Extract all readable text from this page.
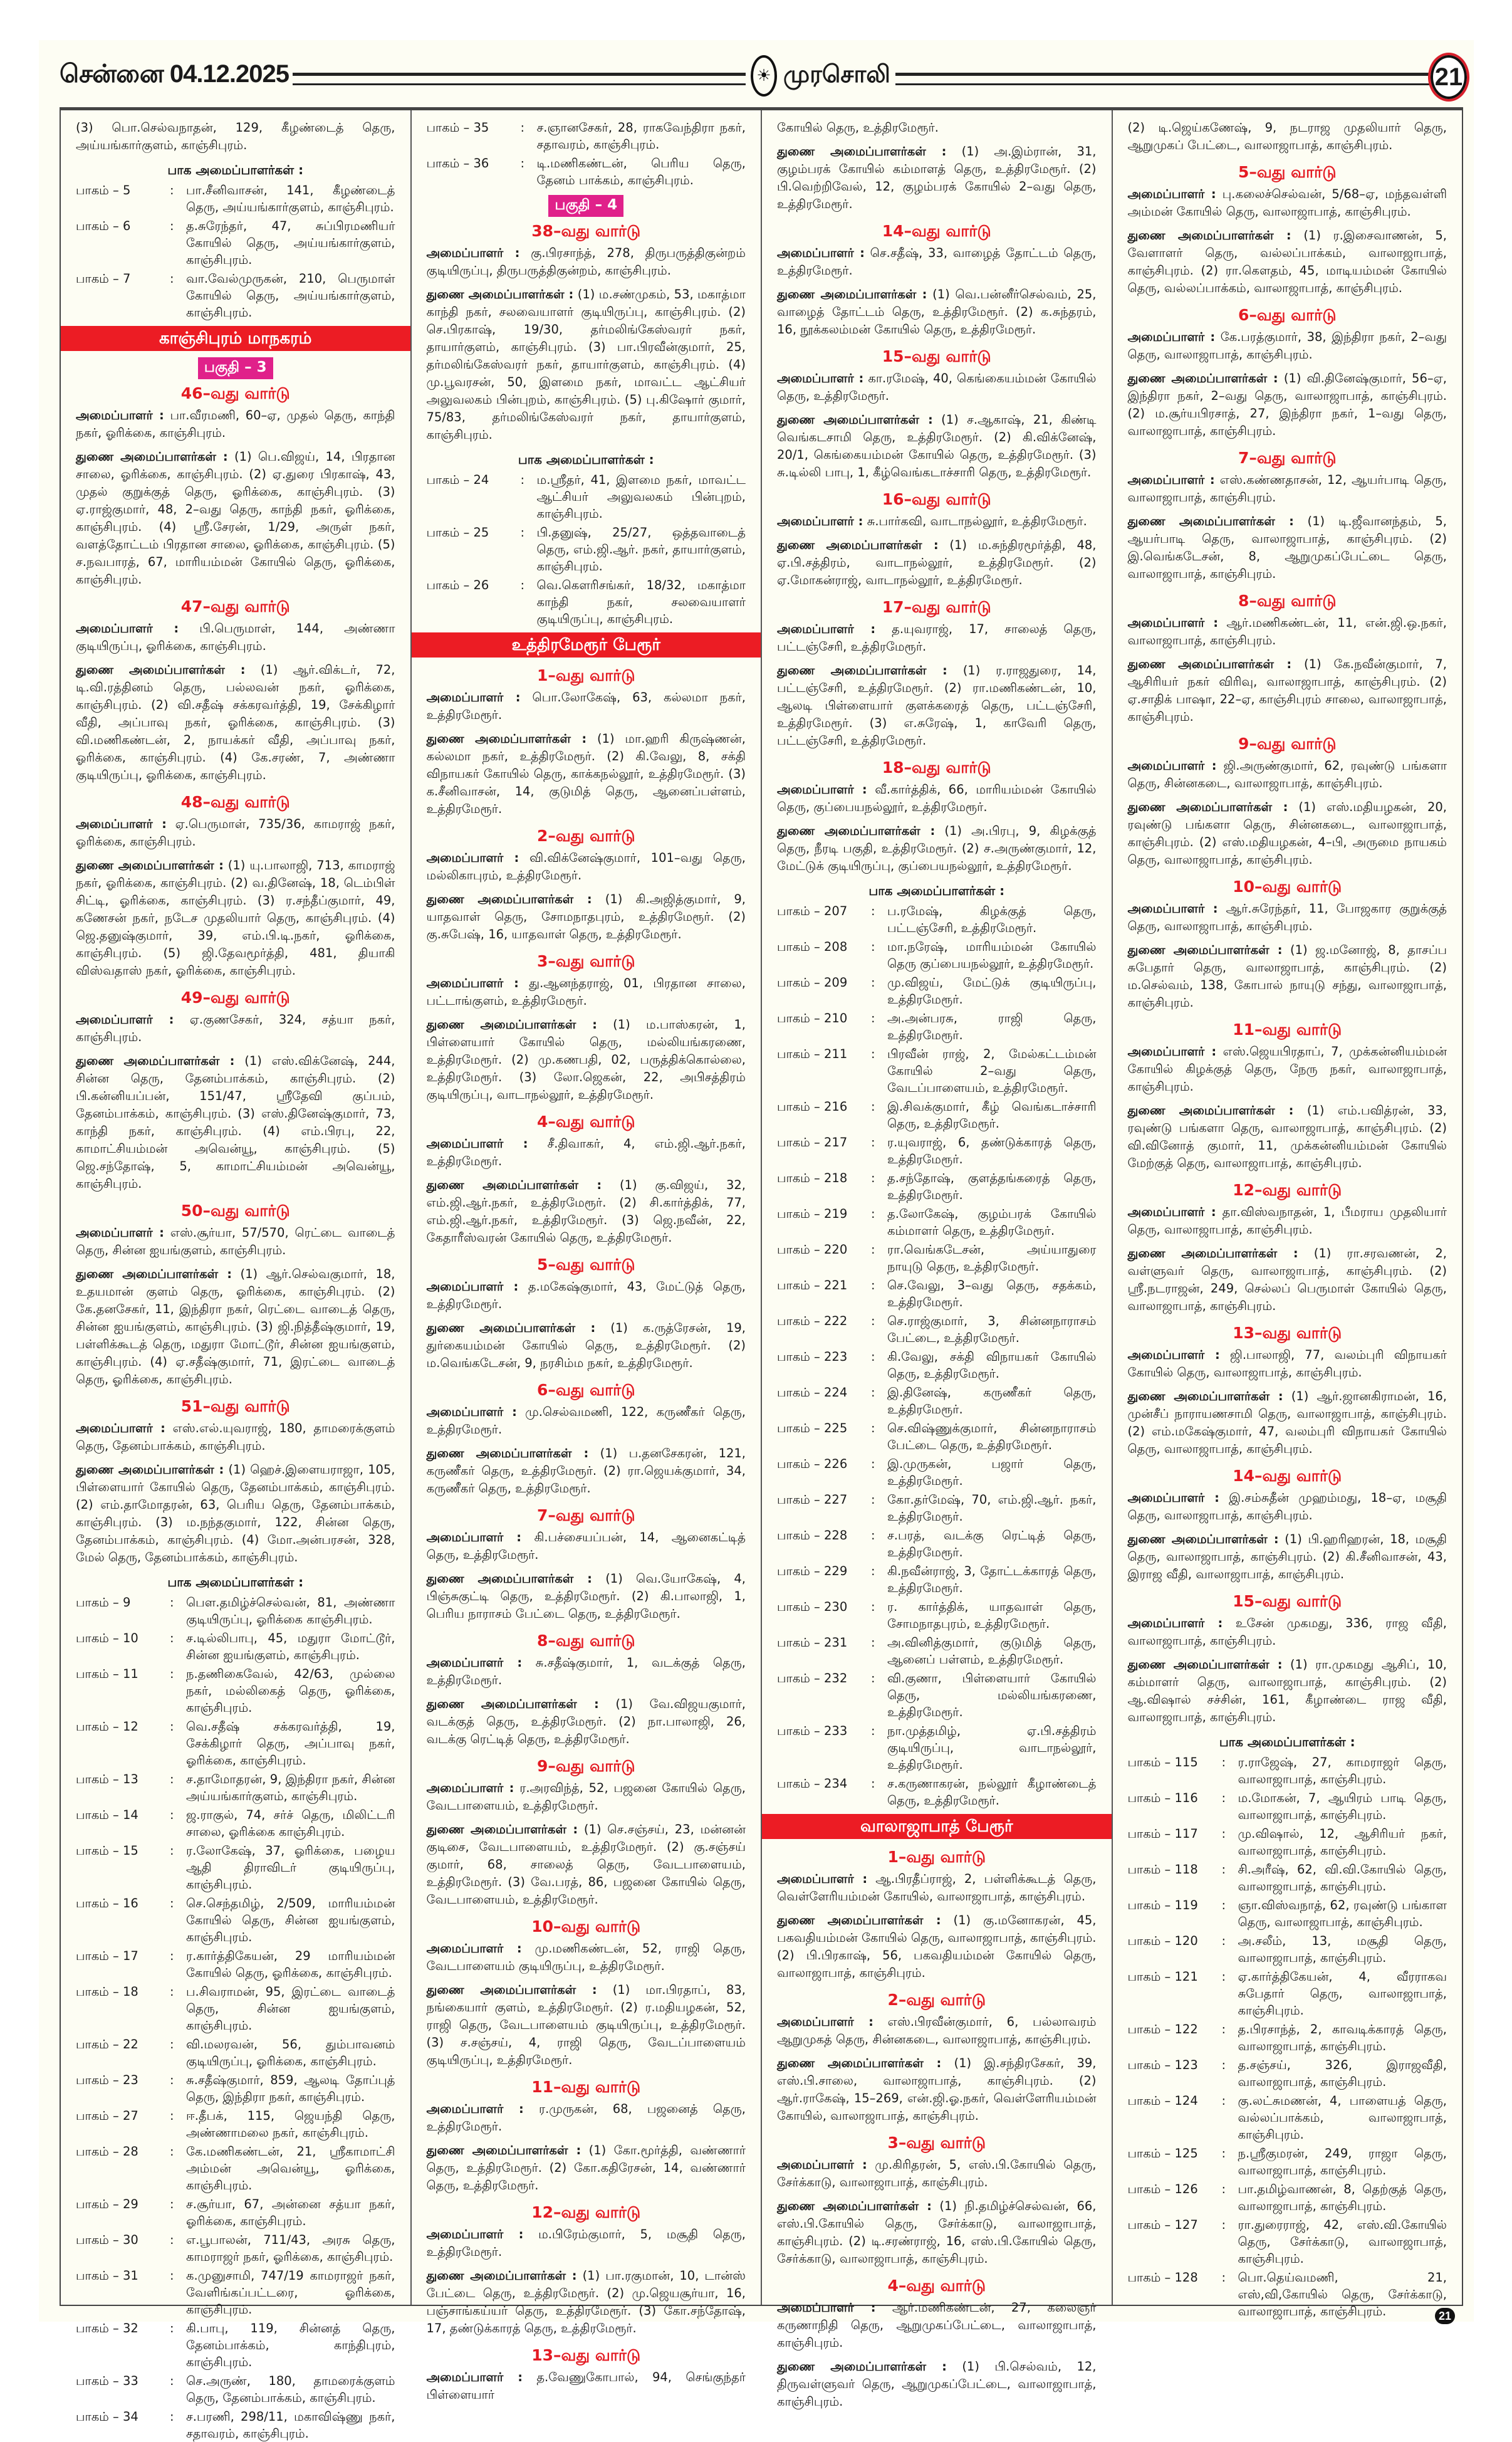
சென்னை 04.12.2025	☀ முரசொலி	21
(3) பொ.செல்வநாதன், 129, கீழண்டைத் தெரு, அய்யங்கார்குளம், காஞ்சிபுரம்.
பாக அமைப்பாளர்கள் :
பாகம் – 5	: பா.சீனிவாசன், 141, கீழண்டைத் தெரு, அய்யங்கார்குளம், காஞ்சிபுரம்.
பாகம் – 6	: த.சுரேந்தர், 47, சுப்பிரமணியர் கோயில் தெரு, அய்யங்கார்குளம், காஞ்சிபுரம்.
பாகம் – 7	: வா.வேல்முருகன், 210, பெருமாள் கோயில் தெரு, அய்யங்கார்குளம், காஞ்சிபுரம்.
காஞ்சிபுரம் மாநகரம்
பகுதி – 3
46–வது வார்டு
அமைப்பாளர் : பா.வீரமணி, 60–ஏ, முதல் தெரு, காந்தி நகர், ஓரிக்கை, காஞ்சிபுரம்.
துணை அமைப்பாளர்கள் : (1) பெ.விஜய், 14, பிரதான சாலை, ஓரிக்கை, காஞ்சிபுரம். (2) ஏ.துரை பிரகாஷ், 43, முதல் குறுக்குத் தெரு, ஓரிக்கை, காஞ்சிபுரம். (3) ஏ.ராஜ்குமார், 48, 2–வது தெரு, காந்தி நகர், ஓரிக்கை, காஞ்சிபுரம். (4) ஸ்ரீ.சேரன், 1/29, அருள் நகர், வளத்தோட்டம் பிரதான சாலை, ஓரிக்கை, காஞ்சிபுரம். (5) ச.நவபாரத், 67, மாரியம்மன் கோயில் தெரு, ஓரிக்கை, காஞ்சிபுரம்.
47–வது வார்டு
அமைப்பாளர் : பி.பெருமாள், 144, அண்ணா குடியிருப்பு, ஓரிக்கை, காஞ்சிபுரம்.
துணை அமைப்பாளர்கள் : (1) ஆர்.விக்டர், 72, டி.வி.ரத்தினம் தெரு, பல்லவன் நகர், ஓரிக்கை, காஞ்சிபுரம். (2) வி.சதீஷ் சக்கரவர்த்தி, 19, சேக்கிழார் வீதி, அப்பாவு நகர், ஓரிக்கை, காஞ்சிபுரம். (3) வி.மணிகண்டன், 2, நாயக்கர் வீதி, அப்பாவு நகர், ஓரிக்கை, காஞ்சிபுரம். (4) கே.சரண், 7, அண்ணா குடியிருப்பு, ஓரிக்கை, காஞ்சிபுரம்.
48–வது வார்டு
அமைப்பாளர் : ஏ.பெருமாள், 735/36, காமராஜ் நகர், ஓரிக்கை, காஞ்சிபுரம்.
துணை அமைப்பாளர்கள் : (1) யு.பாலாஜி, 713, காமராஜ் நகர், ஓரிக்கை, காஞ்சிபுரம். (2) வ.தினேஷ், 18, டெம்பிள் சிட்டி, ஓரிக்கை, காஞ்சிபுரம். (3) ர.சந்தீப்குமார், 49, கணேசன் நகர், நடேச முதலியார் தெரு, காஞ்சிபுரம். (4) ஜெ.தனுஷ்குமார், 39, எம்.பி.டி.நகர், ஓரிக்கை, காஞ்சிபுரம். (5) ஜி.தேவமூர்த்தி, 481, தியாகி விஸ்வதாஸ் நகர், ஓரிக்கை, காஞ்சிபுரம்.
49–வது வார்டு
அமைப்பாளர் : ஏ.குணசேகர், 324, சத்யா நகர், காஞ்சிபுரம்.
துணை அமைப்பாளர்கள் : (1) எஸ்.விக்னேஷ், 244, சின்ன தெரு, தேனம்பாக்கம், காஞ்சிபுரம். (2) பி.கன்னியப்பன், 151/47, ஸ்ரீதேவி குப்பம், தேனம்பாக்கம், காஞ்சிபுரம். (3) எஸ்.தினேஷ்குமார், 73, காந்தி நகர், காஞ்சிபுரம். (4) எம்.பிரபு, 22, காமாட்சியம்மன் அவென்யூ, காஞ்சிபுரம். (5) ஜெ.சந்தோஷ், 5, காமாட்சியம்மன் அவென்யூ, காஞ்சிபுரம்.
50–வது வார்டு
அமைப்பாளர் : எஸ்.சூர்யா, 57/570, ரெட்டை வாடைத் தெரு, சின்ன ஐயங்குளம், காஞ்சிபுரம்.
துணை அமைப்பாளர்கள் : (1) ஆர்.செல்வகுமார், 18, உதயமான் குளம் தெரு, ஓரிக்கை, காஞ்சிபுரம். (2) கே.தனசேகர், 11, இந்திரா நகர், ரெட்டை வாடைத் தெரு, சின்ன ஐயங்குளம், காஞ்சிபுரம். (3) ஜி.நித்தீஷ்குமார், 19, பள்ளிக்கூடத் தெரு, மதுரா மோட்டூர், சின்ன ஐயங்குளம், காஞ்சிபுரம். (4) ஏ.சதீஷ்குமார், 71, இரட்டை வாடைத் தெரு, ஓரிக்கை, காஞ்சிபுரம்.
51–வது வார்டு
அமைப்பாளர் : எஸ்.எல்.யுவராஜ், 180, தாமரைக்குளம் தெரு, தேனம்பாக்கம், காஞ்சிபுரம்.
துணை அமைப்பாளர்கள் : (1) ஹெச்.இளையராஜா, 105, பிள்ளையார் கோயில் தெரு, தேனம்பாக்கம், காஞ்சிபுரம். (2) எம்.தாமோதரன், 63, பெரிய தெரு, தேனம்பாக்கம், காஞ்சிபுரம். (3) ம.நந்தகுமார், 122, சின்ன தெரு, தேனம்பாக்கம், காஞ்சிபுரம். (4) மோ.அன்பரசன், 328, மேல் தெரு, தேனம்பாக்கம், காஞ்சிபுரம்.
பாக அமைப்பாளர்கள் :
பாகம் – 9	: பெள.தமிழ்ச்செல்வன், 81, அண்ணா குடியிருப்பு, ஓரிக்கை காஞ்சிபுரம்.
பாகம் – 10	: ச.டில்லிபாபு, 45, மதுரா மோட்டூர், சின்ன ஐயங்குளம், காஞ்சிபுரம்.
பாகம் – 11	: ந.தணிகைவேல், 42/63, முல்லை நகர், மல்லிகைத் தெரு, ஓரிக்கை, காஞ்சிபுரம்.
பாகம் – 12	: வெ.சதீஷ் சக்கரவர்த்தி, 19, சேக்கிழார் தெரு, அப்பாவு நகர், ஓரிக்கை, காஞ்சிபுரம்.
பாகம் – 13	: ச.தாமோதரன், 9, இந்திரா நகர், சின்ன அய்யங்கார்குளம், காஞ்சிபுரம்.
பாகம் – 14	: ஜ.ராகுல், 74, சர்ச் தெரு, மிலிட்டரி சாலை, ஓரிக்கை காஞ்சிபுரம்.
பாகம் – 15	: ர.லோகேஷ், 37, ஓரிக்கை, பழைய ஆதி திராவிடர் குடியிருப்பு, காஞ்சிபுரம்.
பாகம் – 16	: செ.செந்தமிழ், 2/509, மாரியம்மன் கோயில் தெரு, சின்ன ஐயங்குளம், காஞ்சிபுரம்.
பாகம் – 17	: ர.கார்த்திகேயன், 29 மாரியம்மன் கோயில் தெரு, ஓரிக்கை, காஞ்சிபுரம்.
பாகம் – 18	: ப.சிவராமன், 95, இரட்டை வாடைத் தெரு, சின்ன ஐயங்குளம், காஞ்சிபுரம்.
பாகம் – 22	: வி.மலரவன், 56, தும்பாவனம் குடியிருப்பு, ஓரிக்கை, காஞ்சிபுரம்.
பாகம் – 23	: சு.சதீஷ்குமார், 859, ஆலடி தோப்புத் தெரு, இந்திரா நகர், காஞ்சிபுரம்.
பாகம் – 27	: ஈ.தீபக், 115, ஜெயந்தி தெரு, அண்ணாமலை நகர், காஞ்சிபுரம்.
பாகம் – 28	: கே.மணிகண்டன், 21, ஸ்ரீகாமாட்சி அம்மன் அவென்யூ, ஓரிக்கை, காஞ்சிபுரம்.
பாகம் – 29	: ச.சூர்யா, 67, அன்னை சத்யா நகர், ஓரிக்கை, காஞ்சிபுரம்.
பாகம் – 30	: எ.பூபாலன், 711/43, அரசு தெரு, காமராஜர் நகர், ஓரிக்கை, காஞ்சிபுரம்.
பாகம் – 31	: க.முனுசாமி, 747/19 காமராஜர் நகர், வேளிங்கப்பட்டரை, ஓரிக்கை, காஞ்சிபுரம்.
பாகம் – 32	: கி.பாபு, 119, சின்னத் தெரு, தேனம்பாக்கம், காந்திபுரம், காஞ்சிபுரம்.
பாகம் – 33	: செ.அருண், 180, தாமரைக்குளம் தெரு, தேனம்பாக்கம், காஞ்சிபுரம்.
பாகம் – 34	: ச.பரணி, 298/11, மகாவிஷ்ணு நகர், சதாவரம், காஞ்சிபுரம்.
பாகம் – 35	: ச.ஞானசேகர், 28, ராகவேந்திரா நகர், சதாவரம், காஞ்சிபுரம்.
பாகம் – 36	: டி.மணிகண்டன், பெரிய தெரு, தேனம் பாக்கம், காஞ்சிபுரம்.
பகுதி – 4
38–வது வார்டு
அமைப்பாளர் : கு.பிரசாந்த், 278, திருபருத்திகுன்றம் குடியிருப்பு, திருபருத்திகுன்றம், காஞ்சிபுரம்.
துணை அமைப்பாளர்கள் : (1) ம.சண்முகம், 53, மகாத்மா காந்தி நகர், சலவையாளர் குடியிருப்பு, காஞ்சிபுரம். (2) செ.பிரகாஷ், 19/30, தர்மலிங்கேஸ்வரர் நகர், தாயார்குளம், காஞ்சிபுரம். (3) பா.பிரவீன்குமார், 25, தர்மலிங்கேஸ்வரர் நகர், தாயார்குளம், காஞ்சிபுரம். (4) மு.பூவரசன், 50, இளமை நகர், மாவட்ட ஆட்சியர் அலுவலகம் பின்புறம், காஞ்சிபுரம். (5) பு.கிஷோர் குமார், 75/83, தர்மலிங்கேஸ்வரர் நகர், தாயார்குளம், காஞ்சிபுரம்.
பாக அமைப்பாளர்கள் :
பாகம் – 24	: ம.ஸ்ரீதர், 41, இளமை நகர், மாவட்ட ஆட்சியர் அலுவலகம் பின்புறம், காஞ்சிபுரம்.
பாகம் – 25	: பி.தனுஷ், 25/27, ஒத்தவாடைத் தெரு, எம்.ஜி.ஆர். நகர், தாயார்குளம், காஞ்சிபுரம்.
பாகம் – 26	: வெ.கௌரிசங்கர், 18/32, மகாத்மா காந்தி நகர், சலவையாளர் குடியிருப்பு, காஞ்சிபுரம்.
உத்திரமேரூர் பேரூர்
1–வது வார்டு
அமைப்பாளர் : பொ.லோகேஷ், 63, கல்லமா நகர், உத்திரமேரூர்.
துணை அமைப்பாளர்கள் : (1) மா.ஹரி கிருஷ்ணன், கல்லமா நகர், உத்திரமேரூர். (2) கி.வேலு, 8, சக்தி விநாயகர் கோயில் தெரு, காக்கநல்லூர், உத்திரமேரூர். (3) க.சீனிவாசன், 14, குடுமித் தெரு, ஆனைப்பள்ளம், உத்திரமேரூர்.
2–வது வார்டு
அமைப்பாளர் : வி.விக்னேஷ்குமார், 101–வது தெரு, மல்லிகாபுரம், உத்திரமேரூர்.
துணை அமைப்பாளர்கள் : (1) கி.அஜித்குமார், 9, யாதவாள் தெரு, சோமநாதபுரம், உத்திரமேரூர். (2) கு.சுபேஷ், 16, யாதவாள் தெரு, உத்திரமேரூர்.
3–வது வார்டு
அமைப்பாளர் : து.ஆனந்தராஜ், 01, பிரதான சாலை, பட்டாங்குளம், உத்திரமேரூர்.
துணை அமைப்பாளர்கள் : (1) ம.பாஸ்கரன், 1, பிள்ளையார் கோயில் தெரு, மல்லியங்கரணை, உத்திரமேரூர். (2) மு.கணபதி, 02, பருத்திக்கொல்லை, உத்திரமேரூர். (3) லோ.ஜெகன், 22, அபிசத்திரம் குடியிருப்பு, வாடாநல்லூர், உத்திரமேரூர்.
4–வது வார்டு
அமைப்பாளர் : சீ.திவாகர், 4, எம்.ஜி.ஆர்.நகர், உத்திரமேரூர்.
துணை அமைப்பாளர்கள் : (1) கு.விஜய், 32, எம்.ஜி.ஆர்.நகர், உத்திரமேரூர். (2) சி.கார்த்திக், 77, எம்.ஜி.ஆர்.நகர், உத்திரமேரூர். (3) ஜெ.நவீன், 22, கேதாரீஸ்வரன் கோயில் தெரு, உத்திரமேரூர்.
5–வது வார்டு
அமைப்பாளர் : த.மகேஷ்குமார், 43, மேட்டுத் தெரு, உத்திரமேரூர்.
துணை அமைப்பாளர்கள் : (1) க.ருத்ரேசன், 19, துர்கையம்மன் கோயில் தெரு, உத்திரமேரூர். (2) ம.வெங்கடேசன், 9, நரசிம்ம நகர், உத்திரமேரூர்.
6–வது வார்டு
அமைப்பாளர் : மு.செல்வமணி, 122, கருணீகர் தெரு, உத்திரமேரூர்.
துணை அமைப்பாளர்கள் : (1) ப.தனசேகரன், 121, கருணீகர் தெரு, உத்திரமேரூர். (2) ரா.ஜெயக்குமார், 34, கருணீகர் தெரு, உத்திரமேரூர்.
7–வது வார்டு
அமைப்பாளர் : கி.பச்சையப்பன், 14, ஆனைகட்டித் தெரு, உத்திரமேரூர்.
துணை அமைப்பாளர்கள் : (1) வெ.யோகேஷ், 4, பிஞ்சுகுட்டி தெரு, உத்திரமேரூர். (2) கி.பாலாஜி, 1, பெரிய நாராசம் பேட்டை தெரு, உத்திரமேரூர்.
8–வது வார்டு
அமைப்பாளர் : சு.சதீஷ்குமார், 1, வடக்குத் தெரு, உத்திரமேரூர்.
துணை அமைப்பாளர்கள் : (1) வே.விஜயகுமார், வடக்குத் தெரு, உத்திரமேரூர். (2) நா.பாலாஜி, 26, வடக்கு ரெட்டித் தெரு, உத்திரமேரூர்.
9–வது வார்டு
அமைப்பாளர் : ர.அரவிந்த், 52, பஜனை கோயில் தெரு, வேடபாளையம், உத்திரமேரூர்.
துணை அமைப்பாளர்கள் : (1) செ.சஞ்சய், 23, மன்னன் குடிசை, வேடபாளையம், உத்திரமேரூர். (2) கு.சஞ்சய் குமார், 68, சாலைத் தெரு, வேடபாளையம், உத்திரமேரூர். (3) வே.பரத், 86, பஜனை கோயில் தெரு, வேடபாளையம், உத்திரமேரூர்.
10–வது வார்டு
அமைப்பாளர் : மு.மணிகண்டன், 52, ராஜி தெரு, வேடபாளையம் குடியிருப்பு, உத்திரமேரூர்.
துணை அமைப்பாளர்கள் : (1) மா.பிரதாப், 83, நங்கையார் குளம், உத்திரமேரூர். (2) ர.மதியழகன், 52, ராஜி தெரு, வேடபாளையம் குடியிருப்பு, உத்திரமேரூர். (3) ச.சஞ்சய், 4, ராஜி தெரு, வேடப்பாளையம் குடியிருப்பு, உத்திரமேரூர்.
11–வது வார்டு
அமைப்பாளர் : ர.முருகன், 68, பஜனைத் தெரு, உத்திரமேரூர்.
துணை அமைப்பாளர்கள் : (1) கோ.மூர்த்தி, வண்ணார் தெரு, உத்திரமேரூர். (2) கோ.கதிரேசன், 14, வண்ணார் தெரு, உத்திரமேரூர்.
12–வது வார்டு
அமைப்பாளர் : ம.பிரேம்குமார், 5, மசூதி தெரு, உத்திரமேரூர்.
துணை அமைப்பாளர்கள் : (1) பா.ரகுமான், 10, டான்ஸ் பேட்டை தெரு, உத்திரமேரூர். (2) மு.ஜெயசூர்யா, 16, பஞ்சாங்கய்யர் தெரு, உத்திரமேரூர். (3) கோ.சந்தோஷ், 17, தண்டுக்காரத் தெரு, உத்திரமேரூர்.
13–வது வார்டு
அமைப்பாளர் : த.வேணுகோபால், 94, செங்குந்தர் பிள்ளையார்
கோயில் தெரு, உத்திரமேரூர்.
துணை அமைப்பாளர்கள் : (1) அ.இம்ரான், 31, குழம்பரக் கோயில் கம்மாளத் தெரு, உத்திரமேரூர். (2) பி.வெற்றிவேல், 12, குழம்பரக் கோயில் 2–வது தெரு, உத்திரமேரூர்.
14–வது வார்டு
அமைப்பாளர் : செ.சதீஷ், 33, வாழைத் தோட்டம் தெரு, உத்திரமேரூர்.
துணை அமைப்பாளர்கள் : (1) வெ.பன்னீர்செல்வம், 25, வாழைத் தோட்டம் தெரு, உத்திரமேரூர். (2) க.சுந்தரம், 16, நூக்கலம்மன் கோயில் தெரு, உத்திரமேரூர்.
15–வது வார்டு
அமைப்பாளர் : கா.ரமேஷ், 40, கெங்கையம்மன் கோயில் தெரு, உத்திரமேரூர்.
துணை அமைப்பாளர்கள் : (1) ச.ஆகாஷ், 21, கிண்டி வெங்கடசாமி தெரு, உத்திரமேரூர். (2) கி.விக்னேஷ், 20/1, கெங்கையம்மன் கோயில் தெரு, உத்திரமேரூர். (3) சு.டில்லி பாபு, 1, கீழ்வெங்கடாச்சாரி தெரு, உத்திரமேரூர்.
16–வது வார்டு
அமைப்பாளர் : சு.பார்கவி, வாடாநல்லூர், உத்திரமேரூர்.
துணை அமைப்பாளர்கள் : (1) ம.சுந்திரமூர்த்தி, 48, ஏ.பி.சத்திரம், வாடாநல்லூர், உத்திரமேரூர். (2) ஏ.மோகன்ராஜ், வாடாநல்லூர், உத்திரமேரூர்.
17–வது வார்டு
அமைப்பாளர் : த.யுவராஜ், 17, சாலைத் தெரு, பட்டஞ்சேரி, உத்திரமேரூர்.
துணை அமைப்பாளர்கள் : (1) ர.ராஜதுரை, 14, பட்டஞ்சேரி, உத்திரமேரூர். (2) ரா.மணிகண்டன், 10, ஆலடி பிள்ளையார் குளக்கரைத் தெரு, பட்டஞ்சேரி, உத்திரமேரூர். (3) எ.சுரேஷ், 1, காவேரி தெரு, பட்டஞ்சேரி, உத்திரமேரூர்.
18–வது வார்டு
அமைப்பாளர் : வீ.கார்த்திக், 66, மாரியம்மன் கோயில் தெரு, குப்பையநல்லூர், உத்திரமேரூர்.
துணை அமைப்பாளர்கள் : (1) அ.பிரபு, 9, கிழக்குத் தெரு, நீரடி பகுதி, உத்திரமேரூர். (2) ச.அருண்குமார், 12, மேட்டுக் குடியிருப்பு, குப்பையநல்லூர், உத்திரமேரூர்.
பாக அமைப்பாளர்கள் :
பாகம் – 207	: ப.ரமேஷ், கிழக்குத் தெரு, பட்டஞ்சேரி, உத்திரமேரூர்.
பாகம் – 208	: மா.நரேஷ், மாரியம்மன் கோயில் தெரு குப்பையநல்லூர், உத்திரமேரூர்.
பாகம் – 209	: மு.விஜய், மேட்டுக் குடியிருப்பு, உத்திரமேரூர்.
பாகம் – 210	: அ.அன்பரசு, ராஜி தெரு, உத்திரமேரூர்.
பாகம் – 211	: பிரவீன் ராஜ், 2, மேல்கட்டம்மன் கோயில் 2–வது தெரு, வேடப்பாளையம், உத்திரமேரூர்.
பாகம் – 216	: இ.சிவக்குமார், கீழ் வெங்கடாச்சாரி தெரு, உத்திரமேரூர்.
பாகம் – 217	: ர.யுவராஜ், 6, தண்டுக்காரத் தெரு, உத்திரமேரூர்.
பாகம் – 218	: த.சந்தோஷ், குளத்தங்கரைத் தெரு, உத்திரமேரூர்.
பாகம் – 219	: த.லோகேஷ், குழம்பரக் கோயில் கம்மாளர் தெரு, உத்திரமேரூர்.
பாகம் – 220	: ரா.வெங்கடேசன், அய்யாதுரை நாயுடு தெரு, உத்திரமேரூர்.
பாகம் – 221	: செ.வேலு, 3–வது தெரு, சதக்கம், உத்திரமேரூர்.
பாகம் – 222	: செ.ராஜ்குமார், 3, சின்னநாராசம் பேட்டை, உத்திரமேரூர்.
பாகம் – 223	: கி.வேலு, சக்தி விநாயகர் கோயில் தெரு, உத்திரமேரூர்.
பாகம் – 224	: இ.தினேஷ், கருணீகர் தெரு, உத்திரமேரூர்.
பாகம் – 225	: செ.விஷ்ணுக்குமார், சின்னநாராசம் பேட்டை தெரு, உத்திரமேரூர்.
பாகம் – 226	: இ.முருகன், பஜார் தெரு, உத்திரமேரூர்.
பாகம் – 227	: கோ.தர்மேஷ், 70, எம்.ஜி.ஆர். நகர், உத்திரமேரூர்.
பாகம் – 228	: ச.பரத், வடக்கு ரெட்டித் தெரு, உத்திரமேரூர்.
பாகம் – 229	: கி.நவீன்ராஜ், 3, தோட்டக்காரத் தெரு, உத்திரமேரூர்.
பாகம் – 230	: ர. கார்த்திக், யாதவாள் தெரு, சோமநாதபுரம், உத்திரமேரூர்.
பாகம் – 231	: அ.வினித்குமார், குடுமித் தெரு, ஆனைப் பள்ளம், உத்திரமேரூர்.
பாகம் – 232	: வி.குணா, பிள்ளையார் கோயில் தெரு, மல்லியங்கரணை, உத்திரமேரூர்.
பாகம் – 233	: நா.முத்தமிழ், ஏ.பி.சத்திரம் குடியிருப்பு, வாடாநல்லூர், உத்திரமேரூர்.
பாகம் – 234	: ச.கருணாகரன், நல்லூர் கீழாண்டைத் தெரு, உத்திரமேரூர்.
வாலாஜாபாத் பேரூர்
1–வது வார்டு
அமைப்பாளர் : ஆ.பிரதீப்ராஜ், 2, பள்ளிக்கூடத் தெரு, வெள்ளேரியம்மன் கோயில், வாலாஜாபாத், காஞ்சிபுரம்.
துணை அமைப்பாளர்கள் : (1) கு.மனோகரன், 45, பகவதியம்மன் கோயில் தெரு, வாலாஜாபாத், காஞ்சிபுரம். (2) பி.பிரகாஷ், 56, பகவதியம்மன் கோயில் தெரு, வாலாஜாபாத், காஞ்சிபுரம்.
2–வது வார்டு
அமைப்பாளர் : எஸ்.பிரவீன்குமார், 6, பல்லாவரம் ஆறுமுகத் தெரு, சின்னகடை, வாலாஜாபாத், காஞ்சிபுரம்.
துணை அமைப்பாளர்கள் : (1) இ.சந்திரசேகர், 39, எஸ்.பி.சாலை, வாலாஜாபாத், காஞ்சிபுரம். (2) ஆர்.ராகேஷ், 15–269, என்.ஜி.ஓ.நகர், வெள்ளேரியம்மன் கோயில், வாலாஜாபாத், காஞ்சிபுரம்.
3–வது வார்டு
அமைப்பாளர் : மு.கிரிதரன், 5, எஸ்.பி.கோயில் தெரு, சேர்க்காடு, வாலாஜாபாத், காஞ்சிபுரம்.
துணை அமைப்பாளர்கள் : (1) நி.தமிழ்ச்செல்வன், 66, எஸ்.பி.கோயில் தெரு, சேர்க்காடு, வாலாஜாபாத், காஞ்சிபுரம். (2) டி.சரண்ராஜ், 16, எஸ்.பி.கோயில் தெரு, சேர்க்காடு, வாலாஜாபாத், காஞ்சிபுரம்.
4–வது வார்டு
அமைப்பாளர் : ஆர்.மணிகண்டன், 27, கலைஞர் கருணாநிதி தெரு, ஆறுமுகப்பேட்டை, வாலாஜாபாத், காஞ்சிபுரம்.
துணை அமைப்பாளர்கள் : (1) பி.செல்வம், 12, திருவள்ளுவர் தெரு, ஆறுமுகப்பேட்டை, வாலாஜாபாத், காஞ்சிபுரம்.
(2) டி.ஜெய்கணேஷ், 9, நடராஜ முதலியார் தெரு, ஆறுமுகப் பேட்டை, வாலாஜாபாத், காஞ்சிபுரம்.
5–வது வார்டு
அமைப்பாளர் : பு.கலைச்செல்வன், 5/68–ஏ, மந்தவள்ளி அம்மன் கோயில் தெரு, வாலாஜாபாத், காஞ்சிபுரம்.
துணை அமைப்பாளர்கள் : (1) ர.இசைவாணன், 5, வேளாளர் தெரு, வல்லப்பாக்கம், வாலாஜாபாத், காஞ்சிபுரம். (2) ரா.கௌதம், 45, மாடியம்மன் கோயில் தெரு, வல்லப்பாக்கம், வாலாஜாபாத், காஞ்சிபுரம்.
6–வது வார்டு
அமைப்பாளர் : கே.பரத்குமார், 38, இந்திரா நகர், 2–வது தெரு, வாலாஜாபாத், காஞ்சிபுரம்.
துணை அமைப்பாளர்கள் : (1) வி.தினேஷ்குமார், 56–ஏ, இந்திரா நகர், 2–வது தெரு, வாலாஜாபாத், காஞ்சிபுரம். (2) ம.சூர்யபிரசாத், 27, இந்திரா நகர், 1–வது தெரு, வாலாஜாபாத், காஞ்சிபுரம்.
7–வது வார்டு
அமைப்பாளர் : எஸ்.கண்ணதாசன், 12, ஆயர்பாடி தெரு, வாலாஜாபாத், காஞ்சிபுரம்.
துணை அமைப்பாளர்கள் : (1) டி.ஜீவானந்தம், 5, ஆயர்பாடி தெரு, வாலாஜாபாத், காஞ்சிபுரம். (2) இ.வெங்கடேசன், 8, ஆறுமுகப்பேட்டை தெரு, வாலாஜாபாத், காஞ்சிபுரம்.
8–வது வார்டு
அமைப்பாளர் : ஆர்.மணிகண்டன், 11, என்.ஜி.ஒ.நகர், வாலாஜாபாத், காஞ்சிபுரம்.
துணை அமைப்பாளர்கள் : (1) கே.நவீன்குமார், 7, ஆசிரியர் நகர் விரிவு, வாலாஜாபாத், காஞ்சிபுரம். (2) ஏ.சாதிக் பாஷா, 22–ஏ, காஞ்சிபுரம் சாலை, வாலாஜாபாத், காஞ்சிபுரம்.
9–வது வார்டு
அமைப்பாளர் : ஜி.அருண்குமார், 62, ரவுண்டு பங்களா தெரு, சின்னகடை, வாலாஜாபாத், காஞ்சிபுரம்.
துணை அமைப்பாளர்கள் : (1) எஸ்.மதியழகன், 20, ரவுண்டு பங்களா தெரு, சின்னகடை, வாலாஜாபாத், காஞ்சிபுரம். (2) எஸ்.மதியழகன், 4–பி, அருமை நாயகம் தெரு, வாலாஜாபாத், காஞ்சிபுரம்.
10–வது வார்டு
அமைப்பாளர் : ஆர்.சுரேந்தர், 11, போஜகார குறுக்குத் தெரு, வாலாஜாபாத், காஞ்சிபுரம்.
துணை அமைப்பாளர்கள் : (1) ஜ.மனோஜ், 8, தாசப்ப சுபேதார் தெரு, வாலாஜாபாத், காஞ்சிபுரம். (2) ம.செல்வம், 138, கோபால் நாயுடு சந்து, வாலாஜாபாத், காஞ்சிபுரம்.
11–வது வார்டு
அமைப்பாளர் : எஸ்.ஜெயபிரதாப், 7, முக்கன்னியம்மன் கோயில் கிழக்குத் தெரு, நேரு நகர், வாலாஜாபாத், காஞ்சிபுரம்.
துணை அமைப்பாளர்கள் : (1) எம்.பவித்ரன், 33, ரவுண்டு பங்களா தெரு, வாலாஜாபாத், காஞ்சிபுரம். (2) வி.வினோத் குமார், 11, முக்கன்னியம்மன் கோயில் மேற்குத் தெரு, வாலாஜாபாத், காஞ்சிபுரம்.
12–வது வார்டு
அமைப்பாளர் : தா.விஸ்வநாதன், 1, பீமராய முதலியார் தெரு, வாலாஜாபாத், காஞ்சிபுரம்.
துணை அமைப்பாளர்கள் : (1) ரா.சரவணன், 2, வள்ளுவர் தெரு, வாலாஜாபாத், காஞ்சிபுரம். (2) ஸ்ரீ.நடராஜன், 249, செல்லப் பெருமாள் கோயில் தெரு, வாலாஜாபாத், காஞ்சிபுரம்.
13–வது வார்டு
அமைப்பாளர் : ஜி.பாலாஜி, 77, வலம்புரி விநாயகர் கோயில் தெரு, வாலாஜாபாத், காஞ்சிபுரம்.
துணை அமைப்பாளர்கள் : (1) ஆர்.ஜானகிராமன், 16, முன்சீப் நாராயணசாமி தெரு, வாலாஜாபாத், காஞ்சிபுரம். (2) எம்.மகேஷ்குமார், 47, வலம்புரி விநாயகர் கோயில் தெரு, வாலாஜாபாத், காஞ்சிபுரம்.
14–வது வார்டு
அமைப்பாளர் : இ.சம்சுதீன் முஹம்மது, 18–ஏ, மசூதி தெரு, வாலாஜாபாத், காஞ்சிபுரம்.
துணை அமைப்பாளர்கள் : (1) பி.ஹரிஹரன், 18, மசூதி தெரு, வாலாஜாபாத், காஞ்சிபுரம். (2) கி.சீனிவாசன், 43, இராஜ வீதி, வாலாஜாபாத், காஞ்சிபுரம்.
15–வது வார்டு
அமைப்பாளர் : உசேன் முகமது, 336, ராஜ வீதி, வாலாஜாபாத், காஞ்சிபுரம்.
துணை அமைப்பாளர்கள் : (1) ரா.முகமது ஆசிப், 10, கம்மாளர் தெரு, வாலாஜாபாத், காஞ்சிபுரம். (2) ஆ.விஷால் சச்சின், 161, கீழாண்டை ராஜ வீதி, வாலாஜாபாத், காஞ்சிபுரம்.
பாக அமைப்பாளர்கள் :
பாகம் – 115	: ர.ராஜேஷ், 27, காமராஜர் தெரு, வாலாஜாபாத், காஞ்சிபுரம்.
பாகம் – 116	: ம.மோகன், 7, ஆயிரம் பாடி தெரு, வாலாஜாபாத், காஞ்சிபுரம்.
பாகம் – 117	: மு.விஷால், 12, ஆசிரியர் நகர், வாலாஜாபாத், காஞ்சிபுரம்.
பாகம் – 118	: சி.அரீஷ், 62, வி.வி.கோயில் தெரு, வாலாஜாபாத், காஞ்சிபுரம்.
பாகம் – 119	: ஞா.விஸ்வநாத், 62, ரவுண்டு பங்காள தெரு, வாலாஜாபாத், காஞ்சிபுரம்.
பாகம் – 120	: அ.சலீம், 13, மசூதி தெரு, வாலாஜாபாத், காஞ்சிபுரம்.
பாகம் – 121	: ஏ.கார்த்திகேயன், 4, வீரராகவ சுபேதார் தெரு, வாலாஜாபாத், காஞ்சிபுரம்.
பாகம் – 122	: த.பிரசாந்த், 2, காவடிக்காரத் தெரு, வாலாஜாபாத், காஞ்சிபுரம்.
பாகம் – 123	: த.சஞ்சய், 326, இராஜவீதி, வாலாஜாபாத், காஞ்சிபுரம்.
பாகம் – 124	: கு.லட்சுமணன், 4, பாளையத் தெரு, வல்லப்பாக்கம், வாலாஜாபாத், காஞ்சிபுரம்.
பாகம் – 125	: ந.ஸ்ரீகுமரன், 249, ராஜா தெரு, வாலாஜாபாத், காஞ்சிபுரம்.
பாகம் – 126	: பா.தமிழ்வாணன், 8, தெற்குத் தெரு, வாலாஜாபாத், காஞ்சிபுரம்.
பாகம் – 127	: ரா.துரைராஜ், 42, எஸ்.வி.கோயில் தெரு, சேர்க்காடு, வாலாஜாபாத், காஞ்சிபுரம்.
பாகம் – 128	: பொ.தெய்வமணி, 21, எஸ்,வி,கோயில் தெரு, சேர்க்காடு, வாலாஜாபாத், காஞ்சிபுரம்.	21
